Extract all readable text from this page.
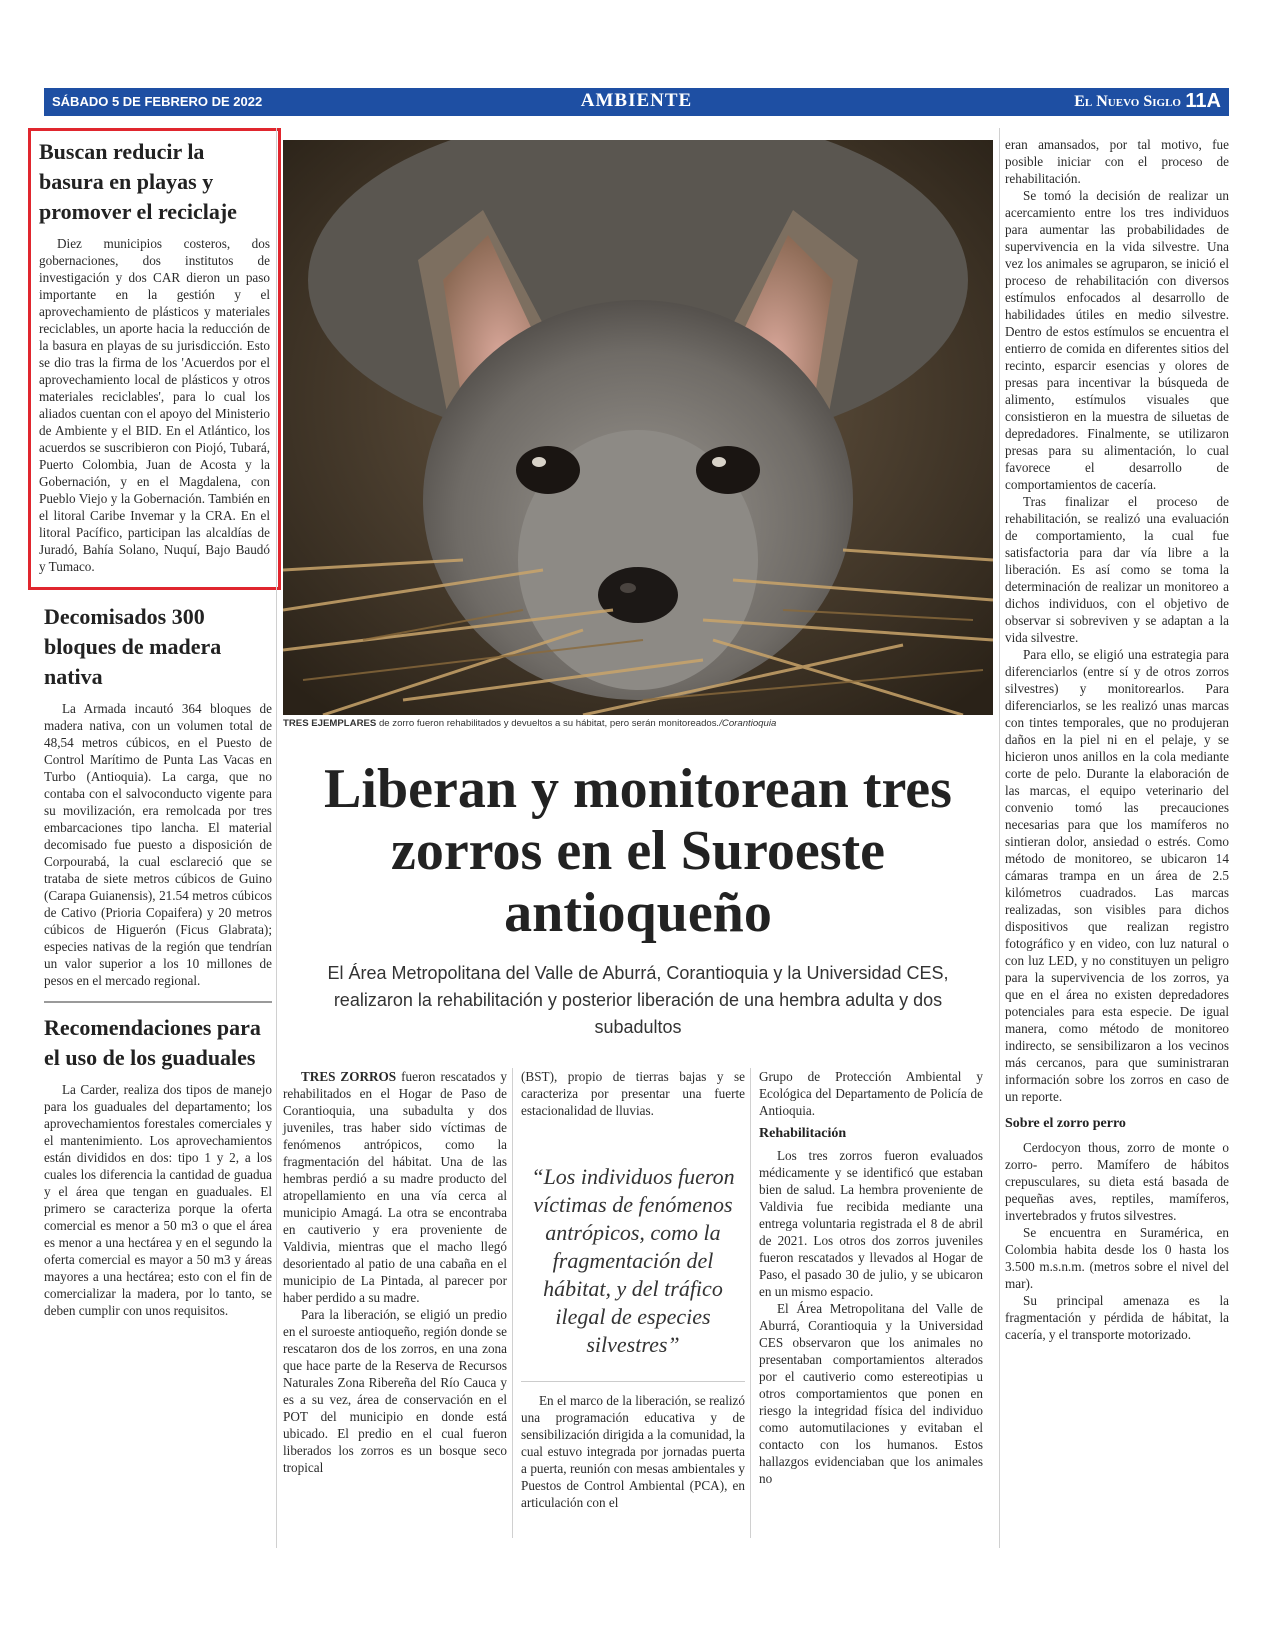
SÁBADO 5 DE FEBRERO DE 2022	AMBIENTE	El Nuevo Siglo 11A
Buscan reducir la basura en playas y promover el reciclaje

Diez municipios costeros, dos gobernaciones, dos institutos de investigación y dos CAR dieron un paso importante en la gestión y el aprovechamiento de plásticos y materiales reciclables, un aporte hacia la reducción de la basura en playas de su jurisdicción. Esto se dio tras la firma de los 'Acuerdos por el aprovechamiento local de plásticos y otros materiales reciclables', para lo cual los aliados cuentan con el apoyo del Ministerio de Ambiente y el BID. En el Atlántico, los acuerdos se suscribieron con Piojó, Tubará, Puerto Colombia, Juan de Acosta y la Gobernación, y en el Magdalena, con Pueblo Viejo y la Gobernación. También en el litoral Caribe Invemar y la CRA. En el litoral Pacífico, participan las alcaldías de Juradó, Bahía Solano, Nuquí, Bajo Baudó y Tumaco.

Decomisados 300 bloques de madera nativa

La Armada incautó 364 bloques de madera nativa, con un volumen total de 48,54 metros cúbicos, en el Puesto de Control Marítimo de Punta Las Vacas en Turbo (Antioquia). La carga, que no contaba con el salvoconducto vigente para su movilización, era remolcada por tres embarcaciones tipo lancha. El material decomisado fue puesto a disposición de Corpourabá, la cual esclareció que se trataba de siete metros cúbicos de Guino (Carapa Guianensis), 21.54 metros cúbicos de Cativo (Prioria Copaifera) y 20 metros cúbicos de Higuerón (Ficus Glabrata); especies nativas de la región que tendrían un valor superior a los 10 millones de pesos en el mercado regional.

Recomendaciones para el uso de los guaduales

La Carder, realiza dos tipos de manejo para los guaduales del departamento; los aprovechamientos forestales comerciales y el mantenimiento. Los aprovechamientos están divididos en dos: tipo 1 y 2, a los cuales los diferencia la cantidad de guadua y el área que tengan en guaduales. El primero se caracteriza porque la oferta comercial es menor a 50 m3 o que el área es menor a una hectárea y en el segundo la oferta comercial es mayor a 50 m3 y áreas mayores a una hectárea; esto con el fin de comercializar la madera, por lo tanto, se deben cumplir con unos requisitos.

TRES EJEMPLARES de zorro fueron rehabilitados y devueltos a su hábitat, pero serán monitoreados./Corantioquia
Liberan y monitorean tres zorros en el Suroeste antioqueño

El Área Metropolitana del Valle de Aburrá, Corantioquia y la Universidad CES, realizaron la rehabilitación y posterior liberación de una hembra adulta y dos subadultos

TRES ZORROS fueron rescatados y rehabilitados en el Hogar de Paso de Corantioquia, una subadulta y dos juveniles, tras haber sido víctimas de fenómenos antrópicos, como la fragmentación del hábitat. Una de las hembras perdió a su madre producto del atropellamiento en una vía cerca al municipio Amagá. La otra se encontraba en cautiverio y era proveniente de Valdivia, mientras que el macho llegó desorientado al patio de una cabaña en el municipio de La Pintada, al parecer por haber perdido a su madre.

Para la liberación, se eligió un predio en el suroeste antioqueño, región donde se rescataron dos de los zorros, en una zona que hace parte de la Reserva de Recursos Naturales Zona Ribereña del Río Cauca y es a su vez, área de conservación en el POT del municipio en donde está ubicado. El predio en el cual fueron liberados los zorros es un bosque seco tropical

(BST), propio de tierras bajas y se caracteriza por presentar una fuerte estacionalidad de lluvias.

“Los individuos fueron víctimas de fenómenos antrópicos, como la fragmentación del hábitat, y del tráfico ilegal de especies silvestres”

En el marco de la liberación, se realizó una programación educativa y de sensibilización dirigida a la comunidad, la cual estuvo integrada por jornadas puerta a puerta, reunión con mesas ambientales y Puestos de Control Ambiental (PCA), en articulación con el

Grupo de Protección Ambiental y Ecológica del Departamento de Policía de Antioquia.

Rehabilitación

Los tres zorros fueron evaluados médicamente y se identificó que estaban bien de salud. La hembra proveniente de Valdivia fue recibida mediante una entrega voluntaria registrada el 8 de abril de 2021. Los otros dos zorros juveniles fueron rescatados y llevados al Hogar de Paso, el pasado 30 de julio, y se ubicaron en un mismo espacio.

El Área Metropolitana del Valle de Aburrá, Corantioquia y la Universidad CES observaron que los animales no presentaban comportamientos alterados por el cautiverio como estereotipias u otros comportamientos que ponen en riesgo la integridad física del individuo como automutilaciones y evitaban el contacto con los humanos. Estos hallazgos evidenciaban que los animales no

eran amansados, por tal motivo, fue posible iniciar con el proceso de rehabilitación.

Se tomó la decisión de realizar un acercamiento entre los tres individuos para aumentar las probabilidades de supervivencia en la vida silvestre. Una vez los animales se agruparon, se inició el proceso de rehabilitación con diversos estímulos enfocados al desarrollo de habilidades útiles en medio silvestre. Dentro de estos estímulos se encuentra el entierro de comida en diferentes sitios del recinto, esparcir esencias y olores de presas para incentivar la búsqueda de alimento, estímulos visuales que consistieron en la muestra de siluetas de depredadores. Finalmente, se utilizaron presas para su alimentación, lo cual favorece el desarrollo de comportamientos de cacería.

Tras finalizar el proceso de rehabilitación, se realizó una evaluación de comportamiento, la cual fue satisfactoria para dar vía libre a la liberación. Es así como se toma la determinación de realizar un monitoreo a dichos individuos, con el objetivo de observar si sobreviven y se adaptan a la vida silvestre.

Para ello, se eligió una estrategia para diferenciarlos (entre sí y de otros zorros silvestres) y monitorearlos. Para diferenciarlos, se les realizó unas marcas con tintes temporales, que no produjeran daños en la piel ni en el pelaje, y se hicieron unos anillos en la cola mediante corte de pelo. Durante la elaboración de las marcas, el equipo veterinario del convenio tomó las precauciones necesarias para que los mamíferos no sintieran dolor, ansiedad o estrés. Como método de monitoreo, se ubicaron 14 cámaras trampa en un área de 2.5 kilómetros cuadrados. Las marcas realizadas, son visibles para dichos dispositivos que realizan registro fotográfico y en video, con luz natural o con luz LED, y no constituyen un peligro para la supervivencia de los zorros, ya que en el área no existen depredadores potenciales para esta especie. De igual manera, como método de monitoreo indirecto, se sensibilizaron a los vecinos más cercanos, para que suministraran información sobre los zorros en caso de un reporte.

Sobre el zorro perro

Cerdocyon thous, zorro de monte o zorro- perro. Mamífero de hábitos crepusculares, su dieta está basada de pequeñas aves, reptiles, mamíferos, invertebrados y frutos silvestres.

Se encuentra en Suramérica, en Colombia habita desde los 0 hasta los 3.500 m.s.n.m. (metros sobre el nivel del mar).

Su principal amenaza es la fragmentación y pérdida de hábitat, la cacería, y el transporte motorizado.
